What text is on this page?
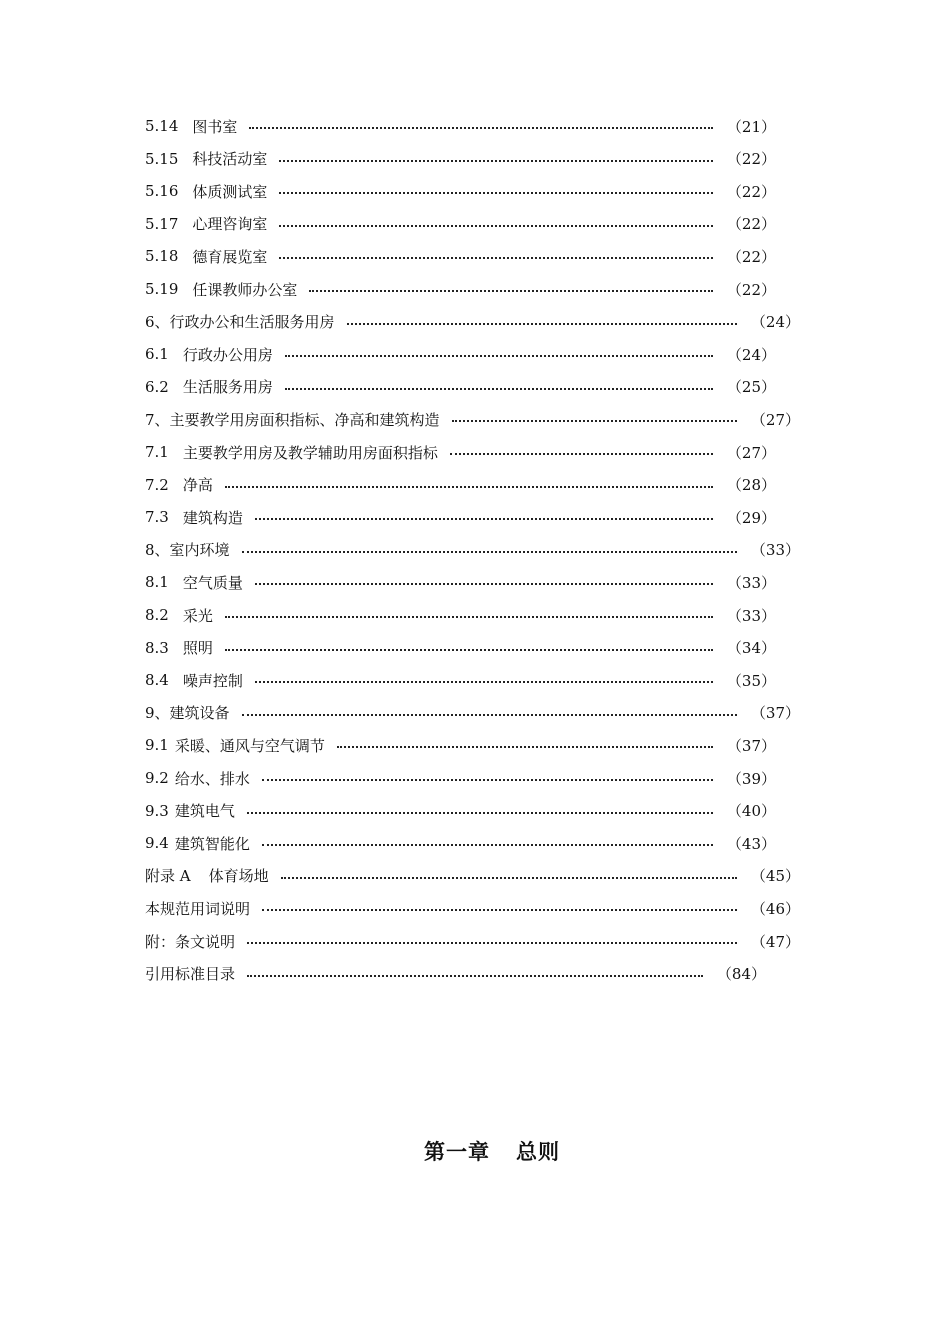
5.14 图书室	（21）
5.15 科技活动室	（22）
5.16 体质测试室	（22）
5.17 心理咨询室	（22）
5.18 德育展览室	（22）
5.19 任课教师办公室	（22）
6、 行政办公和生活服务用房	（24）
6.1 行政办公用房	（24）
6.2 生活服务用房	（25）
7、 主要教学用房面积指标、净高和建筑构造	（27）
7.1 主要教学用房及教学辅助用房面积指标	（27）
7.2 净高	（28）
7.3 建筑构造	（29）
8、 室内环境	（33）
8.1 空气质量	（33）
8.2 采光	（33）
8.3 照明	（34）
8.4 噪声控制	（35）
9、 建筑设备	（37）
9.1 采暖、通风与空气调节	（37）
9.2 给水、排水	（39）
9.3 建筑电气	（40）
9.4 建筑智能化	（43）
附录 A 体育场地	（45）
本规范用词说明	（46）
附：条文说明	（47）
引用标准目录	（84）
第一章 总则
